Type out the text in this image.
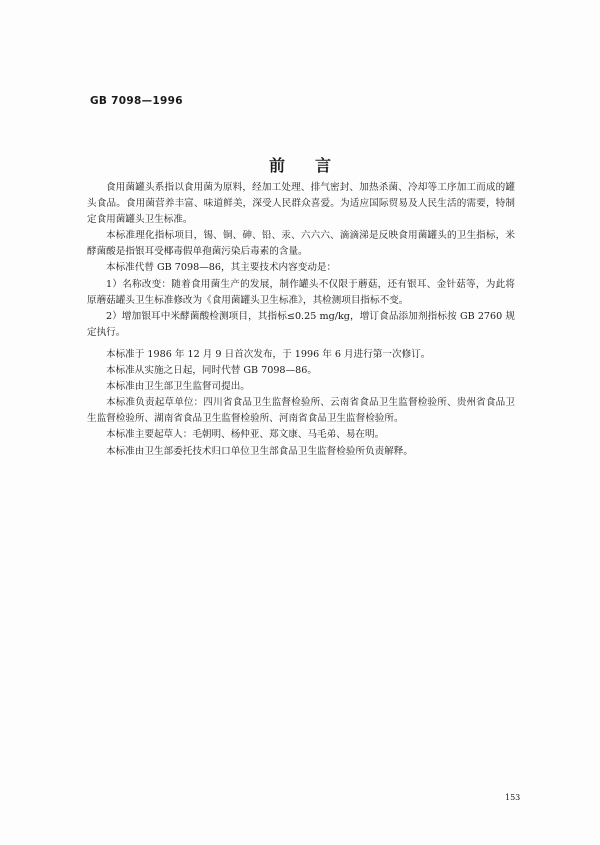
GB 7098—1996
前言

食用菌罐头系指以食用菌为原料，经加工处理、排气密封、加热杀菌、冷却等工序加工而成的罐头食品。食用菌营养丰富、味道鲜美，深受人民群众喜爱。为适应国际贸易及人民生活的需要，特制定食用菌罐头卫生标准。

本标准理化指标项目，锡、铜、砷、铅、汞、六六六、滴滴涕是反映食用菌罐头的卫生指标，米酵菌酸是指银耳受椰毒假单孢菌污染后毒素的含量。

本标准代替 GB 7098—86，其主要技术内容变动是：

1）名称改变：随着食用菌生产的发展，制作罐头不仅限于蘑菇，还有银耳、金针菇等，为此将原蘑菇罐头卫生标准修改为《食用菌罐头卫生标准》，其检测项目指标不变。

2）增加银耳中米酵菌酸检测项目，其指标≤0.25 mg/kg，增订食品添加剂指标按 GB 2760 规定执行。

本标准于 1986 年 12 月 9 日首次发布，于 1996 年 6 月进行第一次修订。

本标准从实施之日起，同时代替 GB 7098—86。

本标准由卫生部卫生监督司提出。

本标准负责起草单位：四川省食品卫生监督检验所、云南省食品卫生监督检验所、贵州省食品卫生监督检验所、湖南省食品卫生监督检验所、河南省食品卫生监督检验所。

本标准主要起草人：毛朝明、杨仲亚、郑文康、马毛弟、易在明。

本标准由卫生部委托技术归口单位卫生部食品卫生监督检验所负责解释。

153
